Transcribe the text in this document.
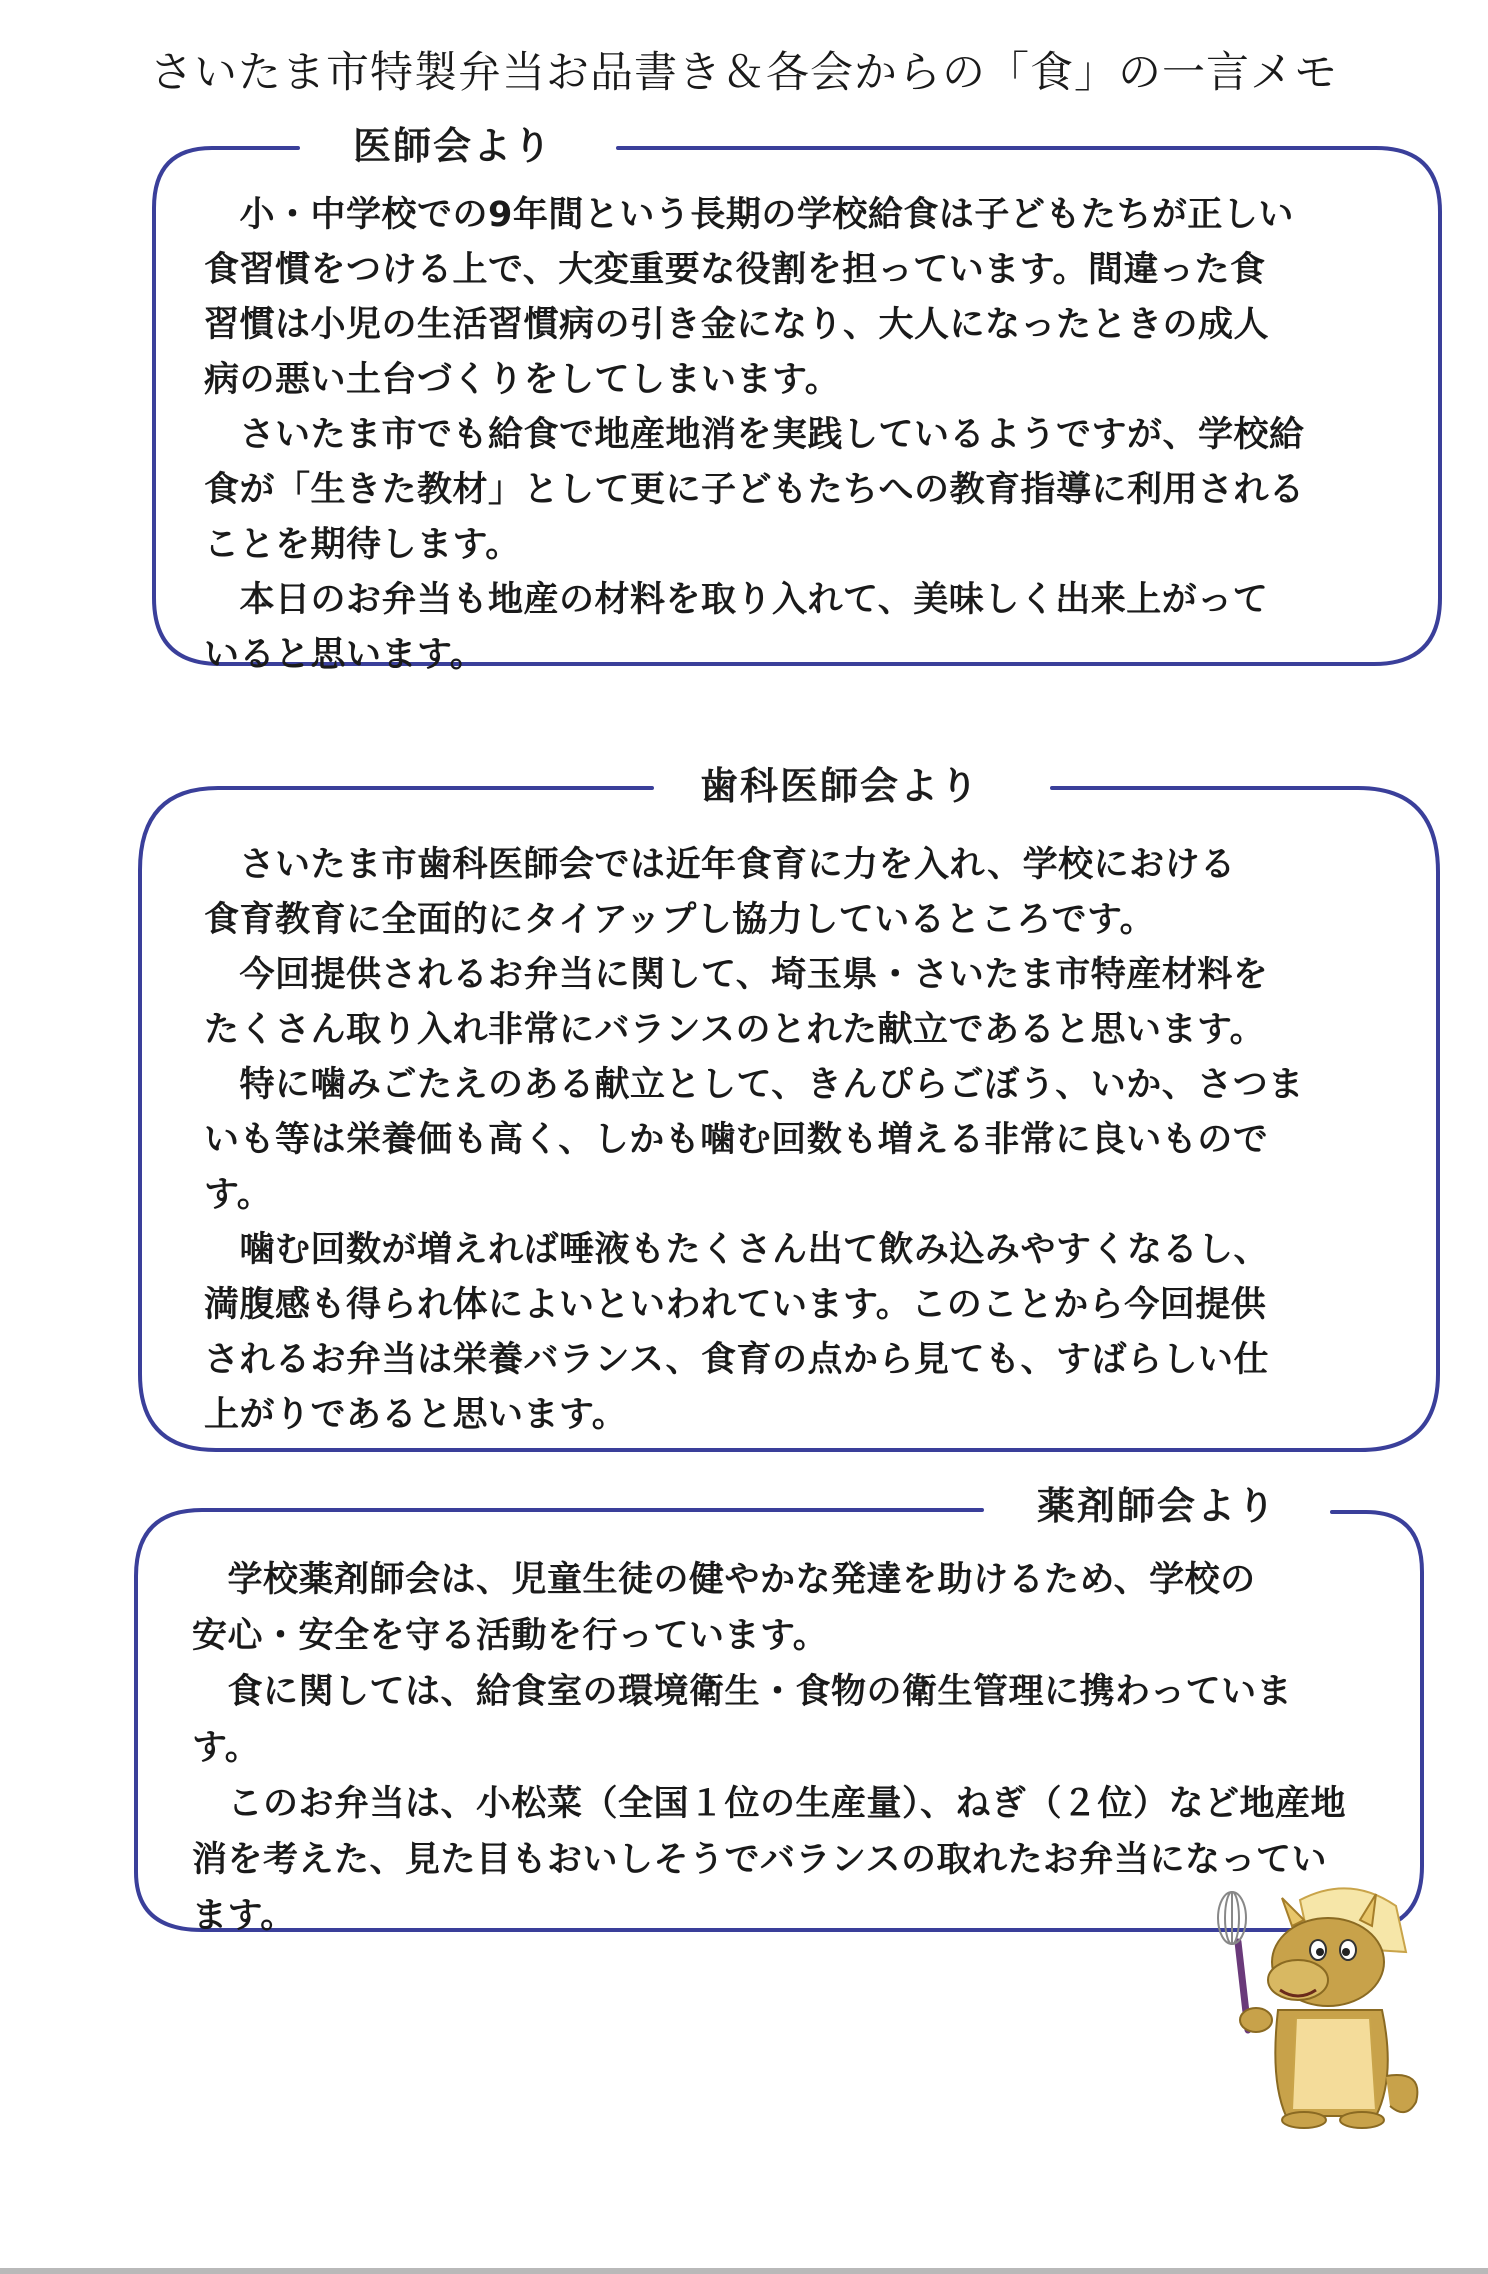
さいたま市特製弁当お品書き＆各会からの「食」の一言メモ
医師会より

　小・中学校での9年間という長期の学校給食は子どもたちが正しい
食習慣をつける上で、大変重要な役割を担っています。間違った食
習慣は小児の生活習慣病の引き金になり、大人になったときの成人
病の悪い土台づくりをしてしまいます。

　さいたま市でも給食で地産地消を実践しているようですが、学校給
食が「生きた教材」として更に子どもたちへの教育指導に利用される
ことを期待します。

　本日のお弁当も地産の材料を取り入れて、美味しく出来上がって
いると思います。

歯科医師会より

　さいたま市歯科医師会では近年食育に力を入れ、学校における
食育教育に全面的にタイアップし協力しているところです。

　今回提供されるお弁当に関して、埼玉県・さいたま市特産材料を
たくさん取り入れ非常にバランスのとれた献立であると思います。

　特に噛みごたえのある献立として、きんぴらごぼう、いか、さつま
いも等は栄養価も高く、しかも噛む回数も増える非常に良いもので
す。

　噛む回数が増えれば唾液もたくさん出て飲み込みやすくなるし、
満腹感も得られ体によいといわれています。このことから今回提供
されるお弁当は栄養バランス、食育の点から見ても、すばらしい仕
上がりであると思います。

薬剤師会より

　学校薬剤師会は、児童生徒の健やかな発達を助けるため、学校の
安心・安全を守る活動を行っています。

　食に関しては、給食室の環境衛生・食物の衛生管理に携わっていま
す。

　このお弁当は、小松菜（全国１位の生産量）、ねぎ（２位）など地産地
消を考えた、見た目もおいしそうでバランスの取れたお弁当になってい
ます。
